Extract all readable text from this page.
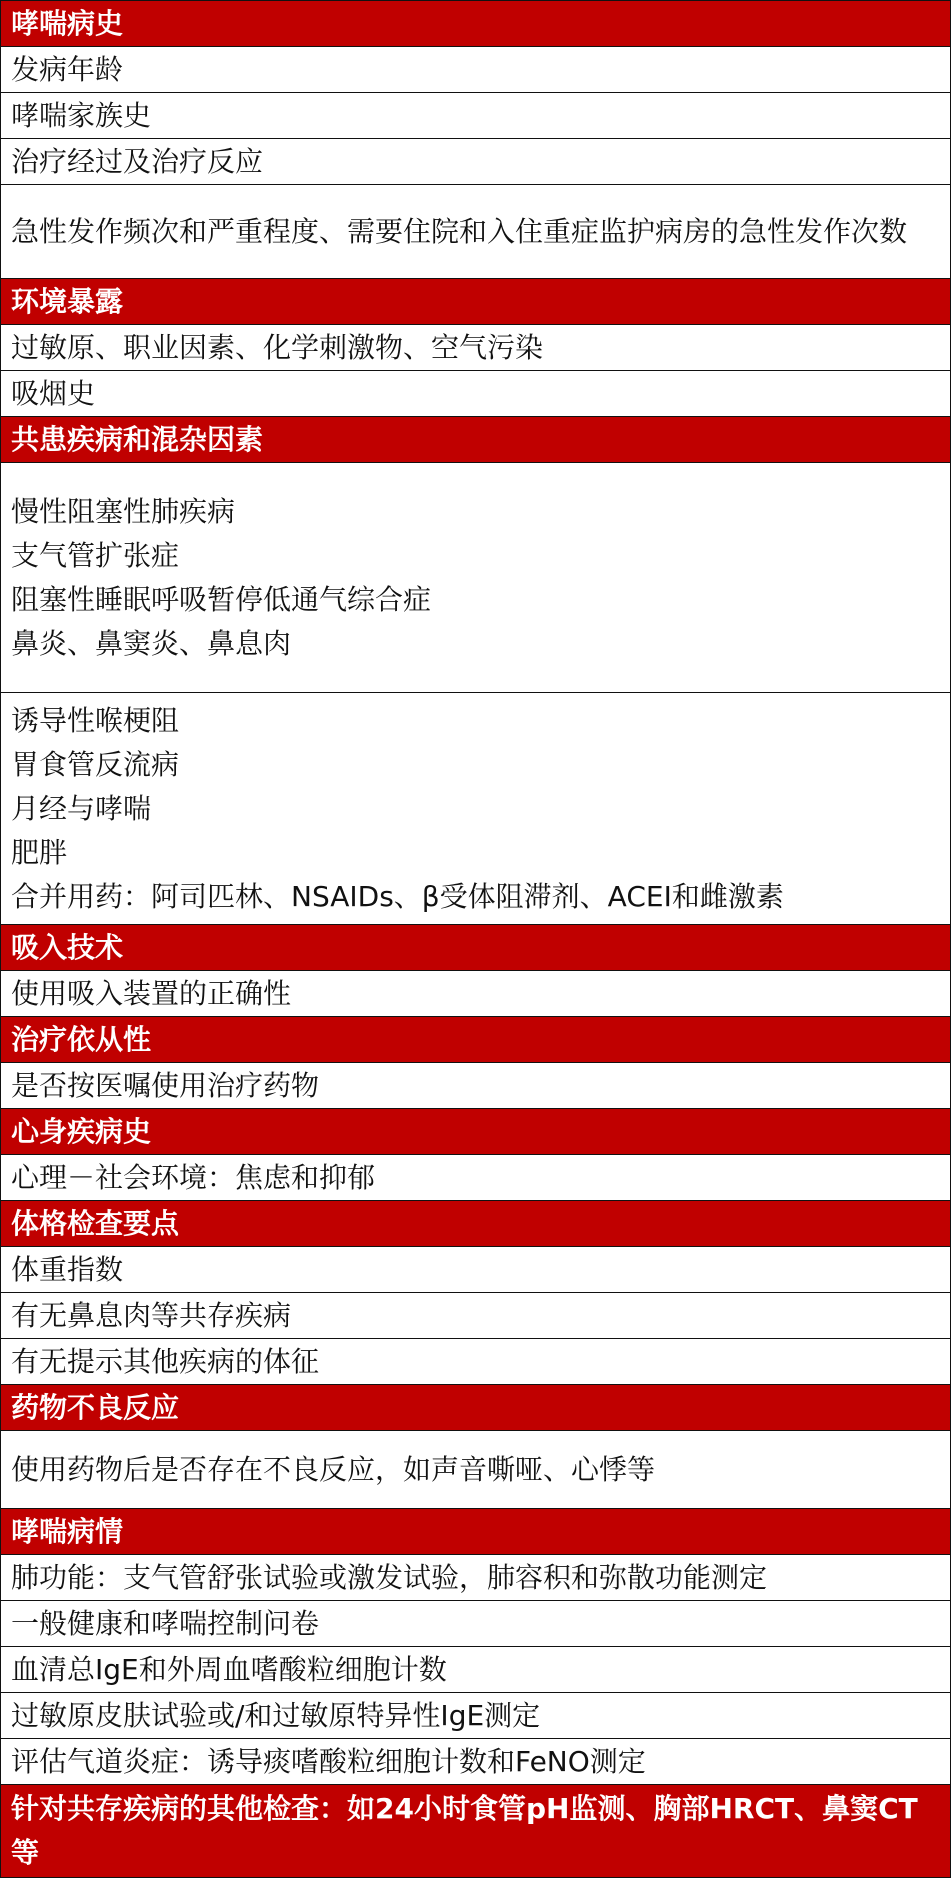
哮喘病史
发病年龄
哮喘家族史
治疗经过及治疗反应
急性发作频次和严重程度、需要住院和入住重症监护病房的急性发作次数
环境暴露
过敏原、职业因素、化学刺激物、空气污染
吸烟史
共患疾病和混杂因素
慢性阻塞性肺疾病
支气管扩张症
阻塞性睡眠呼吸暂停低通气综合症
鼻炎、鼻窦炎、鼻息肉
诱导性喉梗阻
胃食管反流病
月经与哮喘
肥胖
合并用药：阿司匹林、NSAIDs、β受体阻滞剂、ACEI和雌激素
吸入技术
使用吸入装置的正确性
治疗依从性
是否按医嘱使用治疗药物
心身疾病史
心理－社会环境：焦虑和抑郁
体格检查要点
体重指数
有无鼻息肉等共存疾病
有无提示其他疾病的体征
药物不良反应
使用药物后是否存在不良反应，如声音嘶哑、心悸等
哮喘病情
肺功能：支气管舒张试验或激发试验，肺容积和弥散功能测定
一般健康和哮喘控制问卷
血清总IgE和外周血嗜酸粒细胞计数
过敏原皮肤试验或/和过敏原特异性IgE测定
评估气道炎症：诱导痰嗜酸粒细胞计数和FeNO测定
针对共存疾病的其他检查：如24小时食管pH监测、胸部HRCT、鼻窦CT等
